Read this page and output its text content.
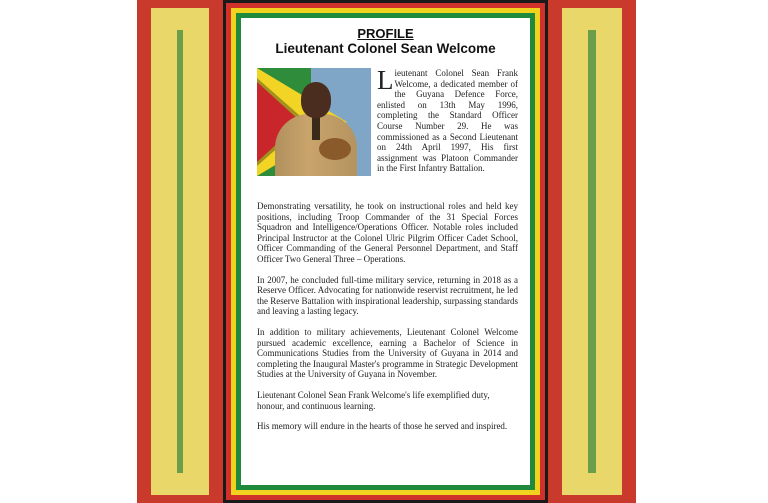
PROFILE
Lieutenant Colonel Sean Welcome

Lieutenant Colonel Sean Frank Welcome, a dedicated member of the Guyana Defence Force, enlisted on 13th May 1996, completing the Standard Officer Course Number 29. He was commissioned as a Second Lieutenant on 24th April 1997, His first assignment was Platoon Commander in the First Infantry Battalion.

Demonstrating versatility, he took on instructional roles and held key positions, including Troop Commander of the 31 Special Forces Squadron and Intelligence/Operations Officer. Notable roles included Principal Instructor at the Colonel Ulric Pilgrim Officer Cadet School, Officer Commanding of the General Personnel Department, and Staff Officer Two General Three – Operations.

In 2007, he concluded full-time military service, returning in 2018 as a Reserve Officer. Advocating for nationwide reservist recruitment, he led the Reserve Battalion with inspirational leadership, surpassing standards and leaving a lasting legacy.

In addition to military achievements, Lieutenant Colonel Welcome pursued academic excellence, earning a Bachelor of Science in Communications Studies from the University of Guyana in 2014 and completing the Inaugural Master's programme in Strategic Development Studies at the University of Guyana in November.

Lieutenant Colonel Sean Frank Welcome's life exemplified duty, honour, and continuous learning.

His memory will endure in the hearts of those he served and inspired.
